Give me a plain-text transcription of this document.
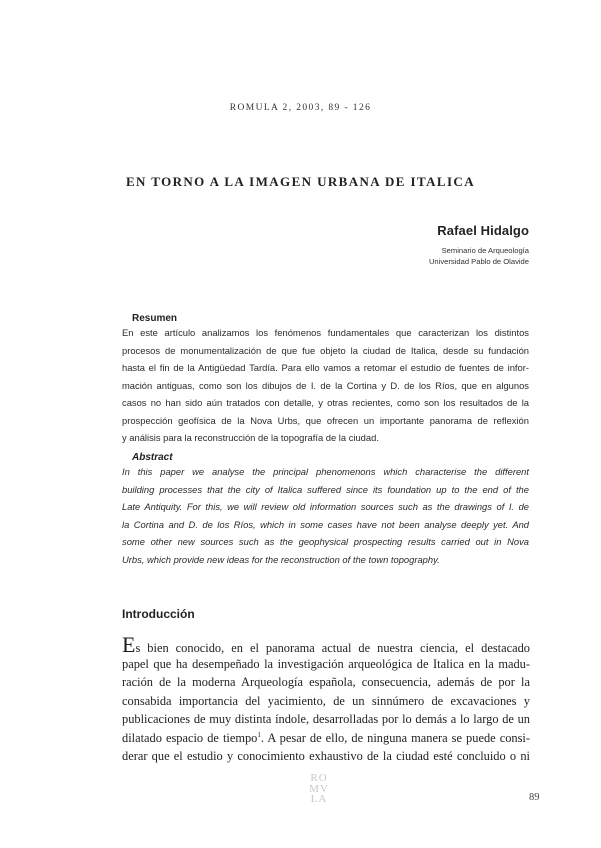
ROMULA 2, 2003, 89 - 126
EN TORNO A LA IMAGEN URBANA DE ITALICA
Rafael Hidalgo
Seminario de Arqueología
Universidad Pablo de Olavide
Resumen
En este artículo analizamos los fenómenos fundamentales que caracterizan los distintos
procesos de monumentalización de que fue objeto la ciudad de Italica, desde su fundación
hasta el fin de la Antigüedad Tardía. Para ello vamos a retomar el estudio de fuentes de infor-
mación antiguas, como son los dibujos de I. de la Cortina y D. de los Ríos, que en algunos
casos no han sido aún tratados con detalle, y otras recientes, como son los resultados de la
prospección geofísica de la Nova Urbs, que ofrecen un importante panorama de reflexión
y análisis para la reconstrucción de la topografía de la ciudad.
Abstract
In this paper we analyse the principal phenomenons which characterise the different
building processes that the city of Italica suffered since its foundation up to the end of the
Late Antiquity. For this, we will review old information sources such as the drawings of I. de
la Cortina and D. de los Ríos, which in some cases have not been analyse deeply yet. And
some other new sources such as the geophysical prospecting results carried out in Nova
Urbs, which provide new ideas for the reconstruction of the town topography.
Introducción
Es bien conocido, en el panorama actual de nuestra ciencia, el destacado
papel que ha desempeñado la investigación arqueológica de Italica en la madu-
ración de la moderna Arqueología española, consecuencia, además de por la
consabida importancia del yacimiento, de un sinnúmero de excavaciones y
publicaciones de muy distinta índole, desarrolladas por lo demás a lo largo de un
dilatado espacio de tiempo$^1$. A pesar de ello, de ninguna manera se puede consi-
derar que el estudio y conocimiento exhaustivo de la ciudad esté concluido o ni
RO
MV
LA	89
